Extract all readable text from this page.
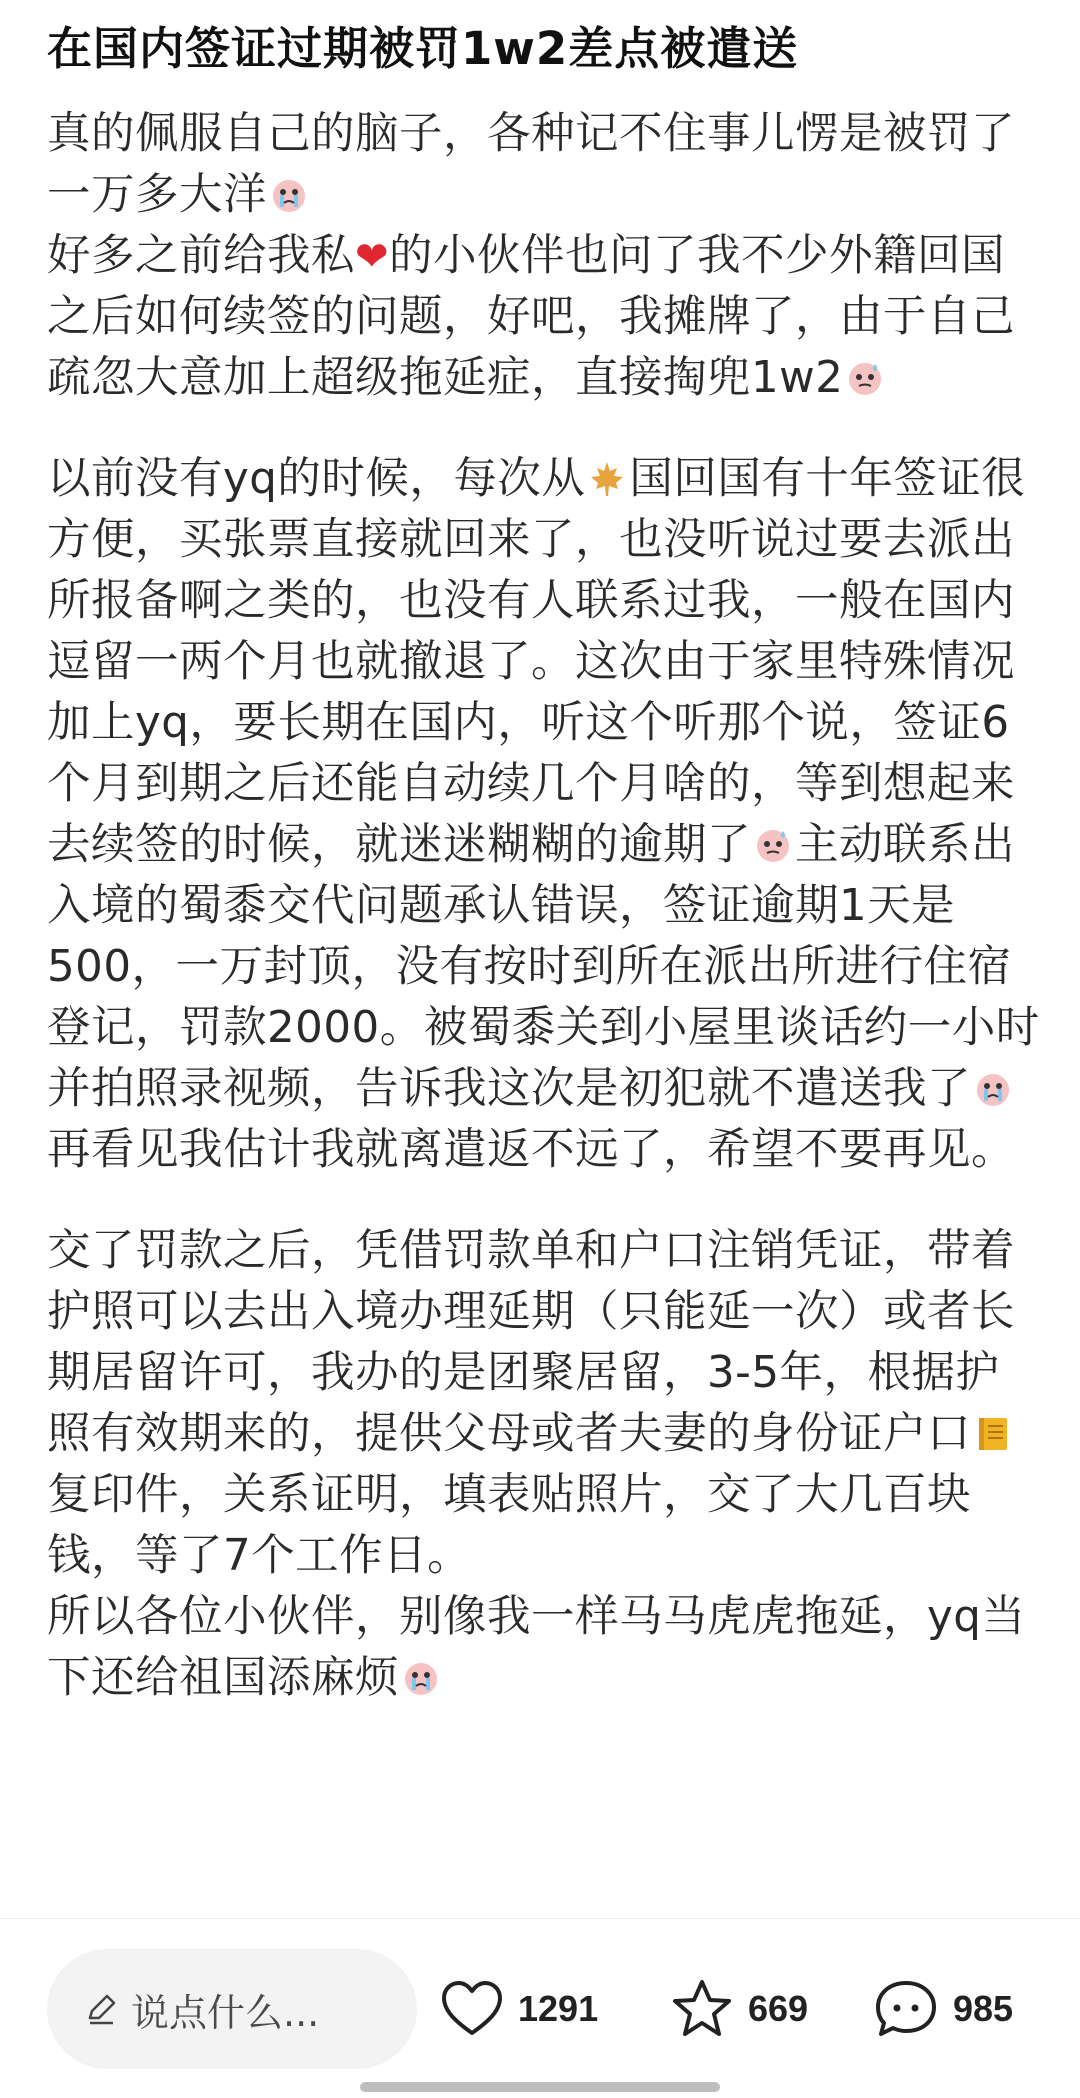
在国内签证过期被罚1w2差点被遣送

真的佩服自己的脑子，各种记不住事儿愣是被罚了一万多大洋
好多之前给我私❤的小伙伴也问了我不少外籍回国之后如何续签的问题，好吧，我摊牌了，由于自己疏忽大意加上超级拖延症，直接掏兜1w2

以前没有yq的时候，每次从 国回国有十年签证很方便，买张票直接就回来了，也没听说过要去派出所报备啊之类的，也没有人联系过我，一般在国内逗留一两个月也就撤退了。这次由于家里特殊情况加上yq，要长期在国内，听这个听那个说，签证6个月到期之后还能自动续几个月啥的，等到想起来去续签的时候，就迷迷糊糊的逾期了 主动联系出入境的蜀黍交代问题承认错误，签证逾期1天是500，一万封顶，没有按时到所在派出所进行住宿登记，罚款2000。被蜀黍关到小屋里谈话约一小时并拍照录视频，告诉我这次是初犯就不遣送我了再看见我估计我就离遣返不远了，希望不要再见。

交了罚款之后，凭借罚款单和户口注销凭证，带着护照可以去出入境办理延期（只能延一次）或者长期居留许可，我办的是团聚居留，3-5年，根据护照有效期来的，提供父母或者夫妻的身份证户口复印件，关系证明，填表贴照片，交了大几百块钱，等了7个工作日。
所以各位小伙伴，别像我一样马马虎虎拖延，yq当下还给祖国添麻烦

说点什么...	1291	669	985
